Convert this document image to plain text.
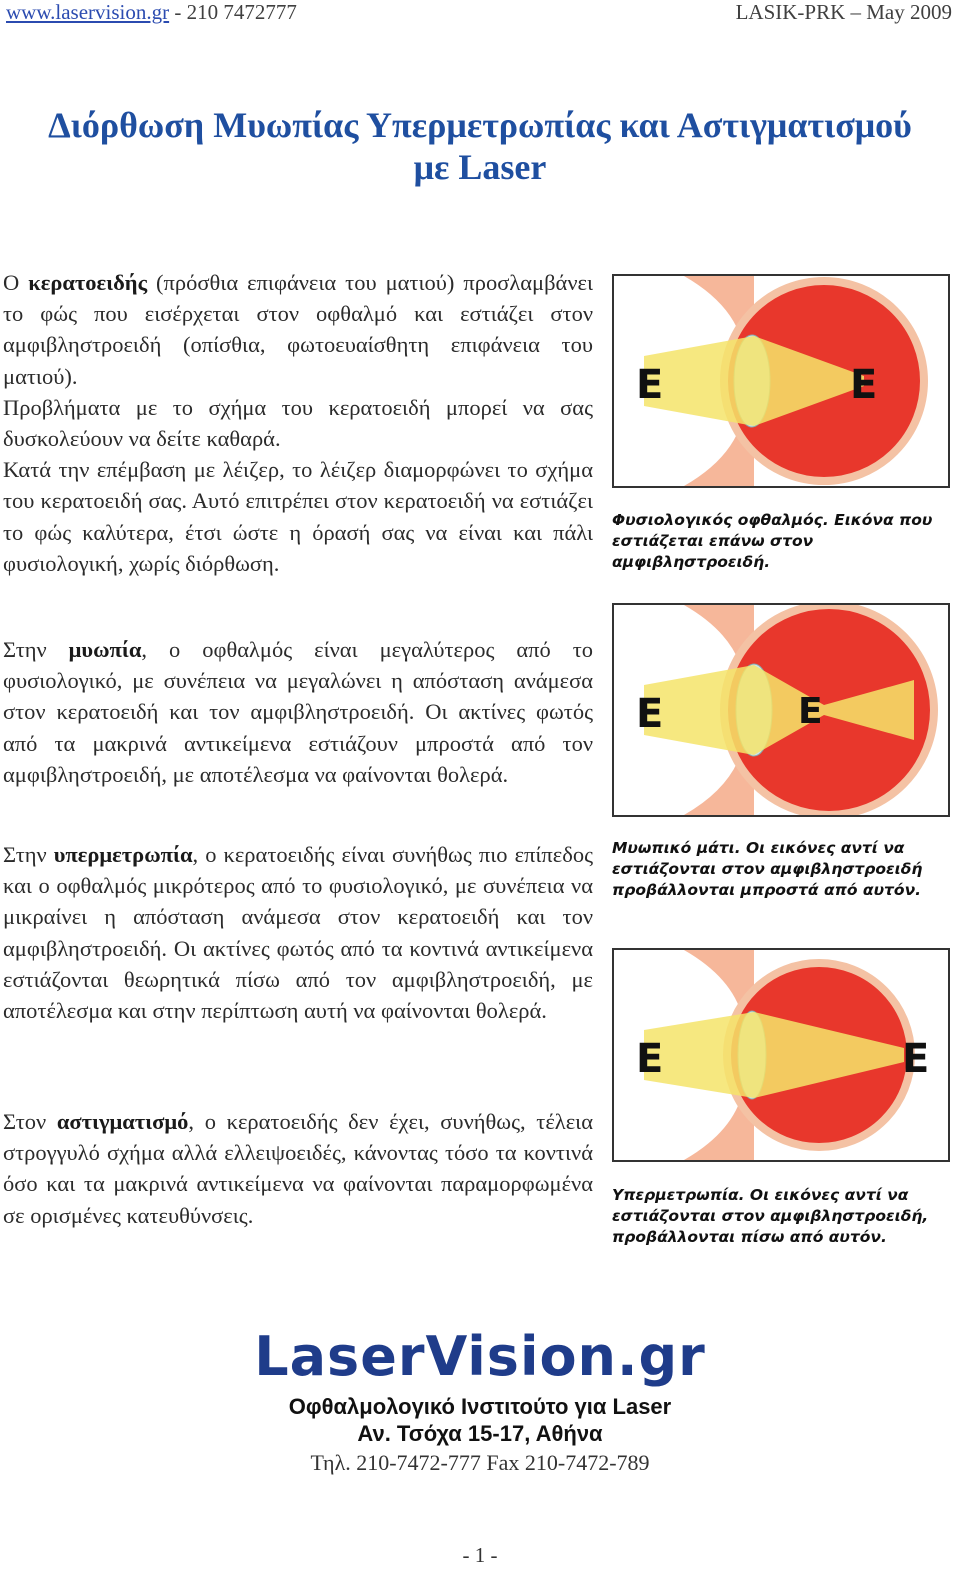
www.laservision.gr - 210 7472777	LASIK-PRK – May 2009
Διόρθωση Μυωπίας Υπερμετρωπίας και Αστιγματισμού
με Laser
Ο κερατοειδής (πρόσθια επιφάνεια του ματιού) προσλαμβάνει το φώς που εισέρχεται στον οφθαλμό και εστιάζει στον αμφιβληστροειδή (οπίσθια, φωτοευαίσθητη επιφάνεια του ματιού).
Προβλήματα με το σχήμα του κερατοειδή μπορεί να σας δυσκολεύουν να δείτε καθαρά.
Κατά την επέμβαση με λέιζερ, το λέιζερ διαμορφώνει το σχήμα του κερατοειδή σας. Αυτό επιτρέπει στον κερατοειδή να εστιάζει το φώς καλύτερα, έτσι ώστε η όρασή σας να είναι και πάλι φυσιολογική, χωρίς διόρθωση.
Στην μυωπία, ο οφθαλμός είναι μεγαλύτερος από το φυσιολογικό, με συνέπεια να μεγαλώνει η απόσταση ανάμεσα στον κερατοειδή και τον αμφιβληστροειδή. Οι ακτίνες φωτός από τα μακρινά αντικείμενα εστιάζουν μπροστά από τον αμφιβληστροειδή, με αποτέλεσμα να φαίνονται θολερά.
Στην υπερμετρωπία, ο κερατοειδής είναι συνήθως πιο επίπεδος και ο οφθαλμός μικρότερος από το φυσιολογικό, με συνέπεια να μικραίνει η απόσταση ανάμεσα στον κερατοειδή και τον αμφιβληστροειδή. Οι ακτίνες φωτός από τα κοντινά αντικείμενα εστιάζονται θεωρητικά πίσω από τον αμφιβληστροειδή, με αποτέλεσμα και στην περίπτωση αυτή να φαίνονται θολερά.
Στον αστιγματισμό, ο κερατοειδής δεν έχει, συνήθως, τέλεια στρογγυλό σχήμα αλλά ελλειψοειδές, κάνοντας τόσο τα κοντινά όσο και τα μακρινά αντικείμενα να φαίνονται παραμορφωμένα σε ορισμένες κατευθύνσεις.
E	E
Φυσιολογικός οφθαλμός. Εικόνα που εστιάζεται επάνω στον αμφιβληστροειδή.
E	E
Μυωπικό μάτι. Οι εικόνες αντί να εστιάζονται στον αμφιβληστροειδή προβάλλονται μπροστά από αυτόν.
E	E
Υπερμετρωπία. Οι εικόνες αντί να εστιάζονται στον αμφιβληστροειδή, προβάλλονται πίσω από αυτόν.
LaserVision.gr
Οφθαλμολογικό Ινστιτούτο για Laser
Αν. Τσόχα 15-17, Αθήνα
Τηλ. 210-7472-777 Fax 210-7472-789
- 1 -
